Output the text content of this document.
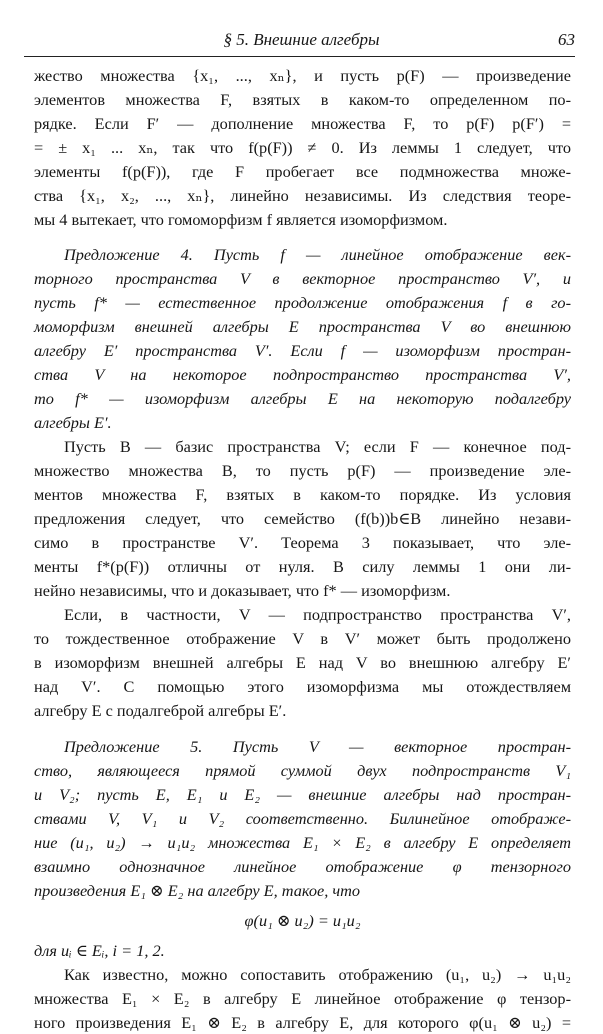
§ 5. Внешние алгебры	63
жество множества {x₁, ..., xₙ}, и пусть p(F) — произведение
элементов множества F, взятых в каком-то определенном по-
рядке. Если F′ — дополнение множества F, то p(F) p(F′) =
= ± x₁ ... xₙ, так что f(p(F)) ≠ 0. Из леммы 1 следует, что
элементы f(p(F)), где F пробегает все подмножества множе-
ства {x₁, x₂, ..., xₙ}, линейно независимы. Из следствия теоре-
мы 4 вытекает, что гомоморфизм f является изоморфизмом.
Предложение 4. Пусть f — линейное отображение век-
торного пространства V в векторное пространство V′, и
пусть f* — естественное продолжение отображения f в го-
моморфизм внешней алгебры E пространства V во внешнюю
алгебру E′ пространства V′. Если f — изоморфизм простран-
ства V на некоторое подпространство пространства V′,
то f* — изоморфизм алгебры E на некоторую подалгебру
алгебры E′.
Пусть B — базис пространства V; если F — конечное под-
множество множества B, то пусть p(F) — произведение эле-
ментов множества F, взятых в каком-то порядке. Из условия
предложения следует, что семейство (f(b))b∈B линейно незави-
симо в пространстве V′. Теорема 3 показывает, что эле-
менты f*(p(F)) отличны от нуля. В силу леммы 1 они ли-
нейно независимы, что и доказывает, что f* — изоморфизм.
Если, в частности, V — подпространство пространства V′,
то тождественное отображение V в V′ может быть продолжено
в изоморфизм внешней алгебры E над V во внешнюю алгебру E′
над V′. С помощью этого изоморфизма мы отождествляем
алгебру E с подалгеброй алгебры E′.
Предложение 5. Пусть V — векторное простран-
ство, являющееся прямой суммой двух подпространств V₁
и V₂; пусть E, E₁ и E₂ — внешние алгебры над простран-
ствами V, V₁ и V₂ соответственно. Билинейное отображе-
ние (u₁, u₂) → u₁u₂ множества E₁ × E₂ в алгебру E определяет
взаимно однозначное линейное отображение φ тензорного
произведения E₁ ⊗ E₂ на алгебру E, такое, что
φ(u₁ ⊗ u₂) = u₁u₂
для uᵢ ∈ Eᵢ, i = 1, 2.
Как известно, можно сопоставить отображению (u₁, u₂) → u₁u₂
множества E₁ × E₂ в алгебру E линейное отображение φ тензор-
ного произведения E₁ ⊗ E₂ в алгебру E, для которого φ(u₁ ⊗ u₂) =
